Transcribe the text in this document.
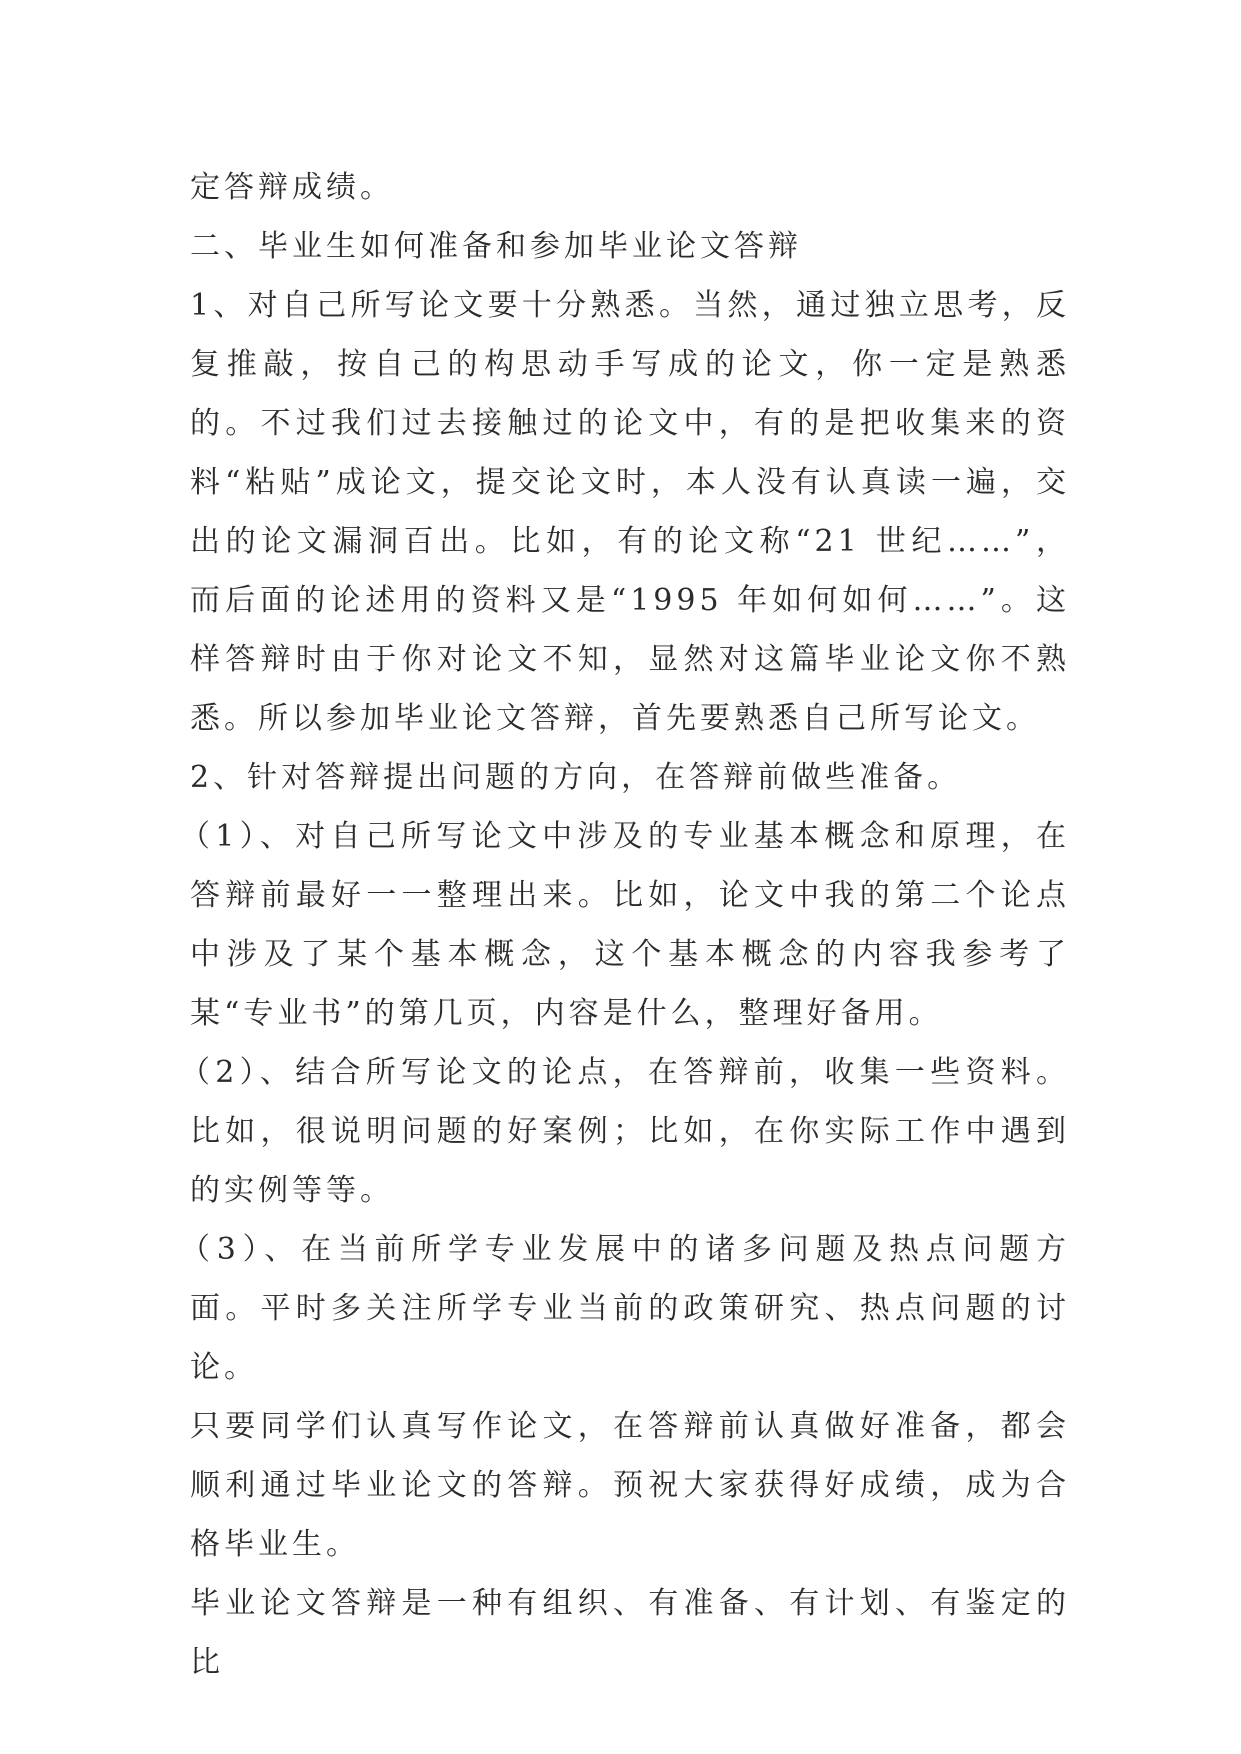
定答辩成绩。

二、毕业生如何准备和参加毕业论文答辩

1、对自己所写论文要十分熟悉。当然，通过独立思考，反复推敲，按自己的构思动手写成的论文，你一定是熟悉的。不过我们过去接触过的论文中，有的是把收集来的资料“粘贴”成论文，提交论文时，本人没有认真读一遍，交出的论文漏洞百出。比如，有的论文称“21 世纪……”，而后面的论述用的资料又是“1995 年如何如何……”。这样答辩时由于你对论文不知，显然对这篇毕业论文你不熟悉。所以参加毕业论文答辩，首先要熟悉自己所写论文。

2、针对答辩提出问题的方向，在答辩前做些准备。

（1）、对自己所写论文中涉及的专业基本概念和原理，在答辩前最好一一整理出来。比如，论文中我的第二个论点中涉及了某个基本概念，这个基本概念的内容我参考了某“专业书”的第几页，内容是什么，整理好备用。

（2）、结合所写论文的论点，在答辩前，收集一些资料。比如，很说明问题的好案例；比如，在你实际工作中遇到的实例等等。

（3）、在当前所学专业发展中的诸多问题及热点问题方面。平时多关注所学专业当前的政策研究、热点问题的讨论。

只要同学们认真写作论文，在答辩前认真做好准备，都会顺利通过毕业论文的答辩。预祝大家获得好成绩，成为合格毕业生。

毕业论文答辩是一种有组织、有准备、有计划、有鉴定的比
